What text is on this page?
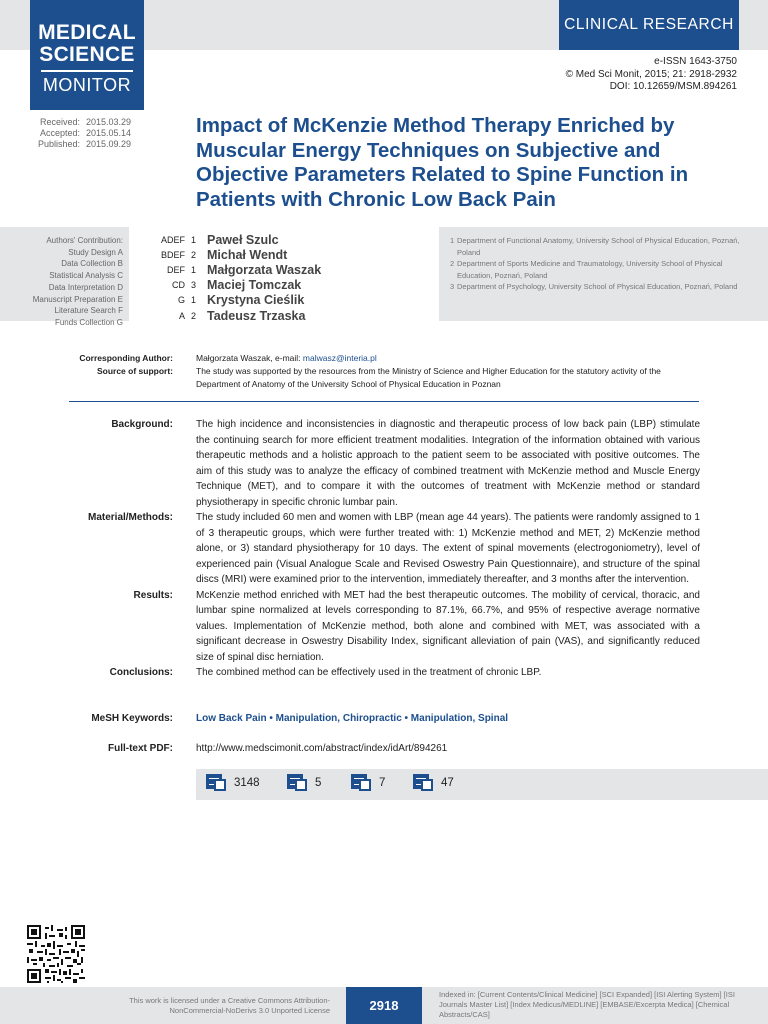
MEDICAL
SCIENCE
MONITOR
CLINICAL RESEARCH
e-ISSN 1643-3750
© Med Sci Monit, 2015; 21: 2918-2932
DOI: 10.12659/MSM.894261
Received: 2015.03.29
Accepted: 2015.05.14
Published: 2015.09.29
Impact of McKenzie Method Therapy Enriched by Muscular Energy Techniques on Subjective and Objective Parameters Related to Spine Function in Patients with Chronic Low Back Pain
Authors' Contribution:
Study Design A
Data Collection B
Statistical Analysis C
Data Interpretation D
Manuscript Preparation E
Literature Search F
Funds Collection G
ADEF 1 Paweł Szulc
BDEF 2 Michał Wendt
DEF 1 Małgorzata Waszak
CD 3 Maciej Tomczak
G 1 Krystyna Cieślik
A 2 Tadeusz Trzaska
1 Department of Functional Anatomy, University School of Physical Education, Poznań, Poland
2 Department of Sports Medicine and Traumatology, University School of Physical Education, Poznań, Poland
3 Department of Psychology, University School of Physical Education, Poznań, Poland
Corresponding Author:	Małgorzata Waszak, e-mail: malwasz@interia.pl
Source of support:	The study was supported by the resources from the Ministry of Science and Higher Education for the statutory activity of the Department of Anatomy of the University School of Physical Education in Poznan
Background: The high incidence and inconsistencies in diagnostic and therapeutic process of low back pain (LBP) stimulate the continuing search for more efficient treatment modalities. Integration of the information obtained with various therapeutic methods and a holistic approach to the patient seem to be associated with positive outcomes. The aim of this study was to analyze the efficacy of combined treatment with McKenzie method and Muscle Energy Technique (MET), and to compare it with the outcomes of treatment with McKenzie method or standard physiotherapy in specific chronic lumbar pain.
Material/Methods: The study included 60 men and women with LBP (mean age 44 years). The patients were randomly assigned to 1 of 3 therapeutic groups, which were further treated with: 1) McKenzie method and MET, 2) McKenzie method alone, or 3) standard physiotherapy for 10 days. The extent of spinal movements (electrogoniometry), level of experienced pain (Visual Analogue Scale and Revised Oswestry Pain Questionnaire), and structure of the spinal discs (MRI) were examined prior to the intervention, immediately thereafter, and 3 months after the intervention.
Results: McKenzie method enriched with MET had the best therapeutic outcomes. The mobility of cervical, thoracic, and lumbar spine normalized at levels corresponding to 87.1%, 66.7%, and 95% of respective average normative values. Implementation of McKenzie method, both alone and combined with MET, was associated with a significant decrease in Oswestry Disability Index, significant alleviation of pain (VAS), and significantly reduced size of spinal disc herniation.
Conclusions: The combined method can be effectively used in the treatment of chronic LBP.
MeSH Keywords: Low Back Pain • Manipulation, Chiropractic • Manipulation, Spinal
Full-text PDF: http://www.medscimonit.com/abstract/index/idArt/894261
3148	5	7	47
This work is licensed under a Creative Commons Attribution-NonCommercial-NoDerivs 3.0 Unported License	2918
Indexed in: [Current Contents/Clinical Medicine] [SCI Expanded] [ISI Alerting System] [ISI Journals Master List] [Index Medicus/MEDLINE] [EMBASE/Excerpta Medica] [Chemical Abstracts/CAS]
